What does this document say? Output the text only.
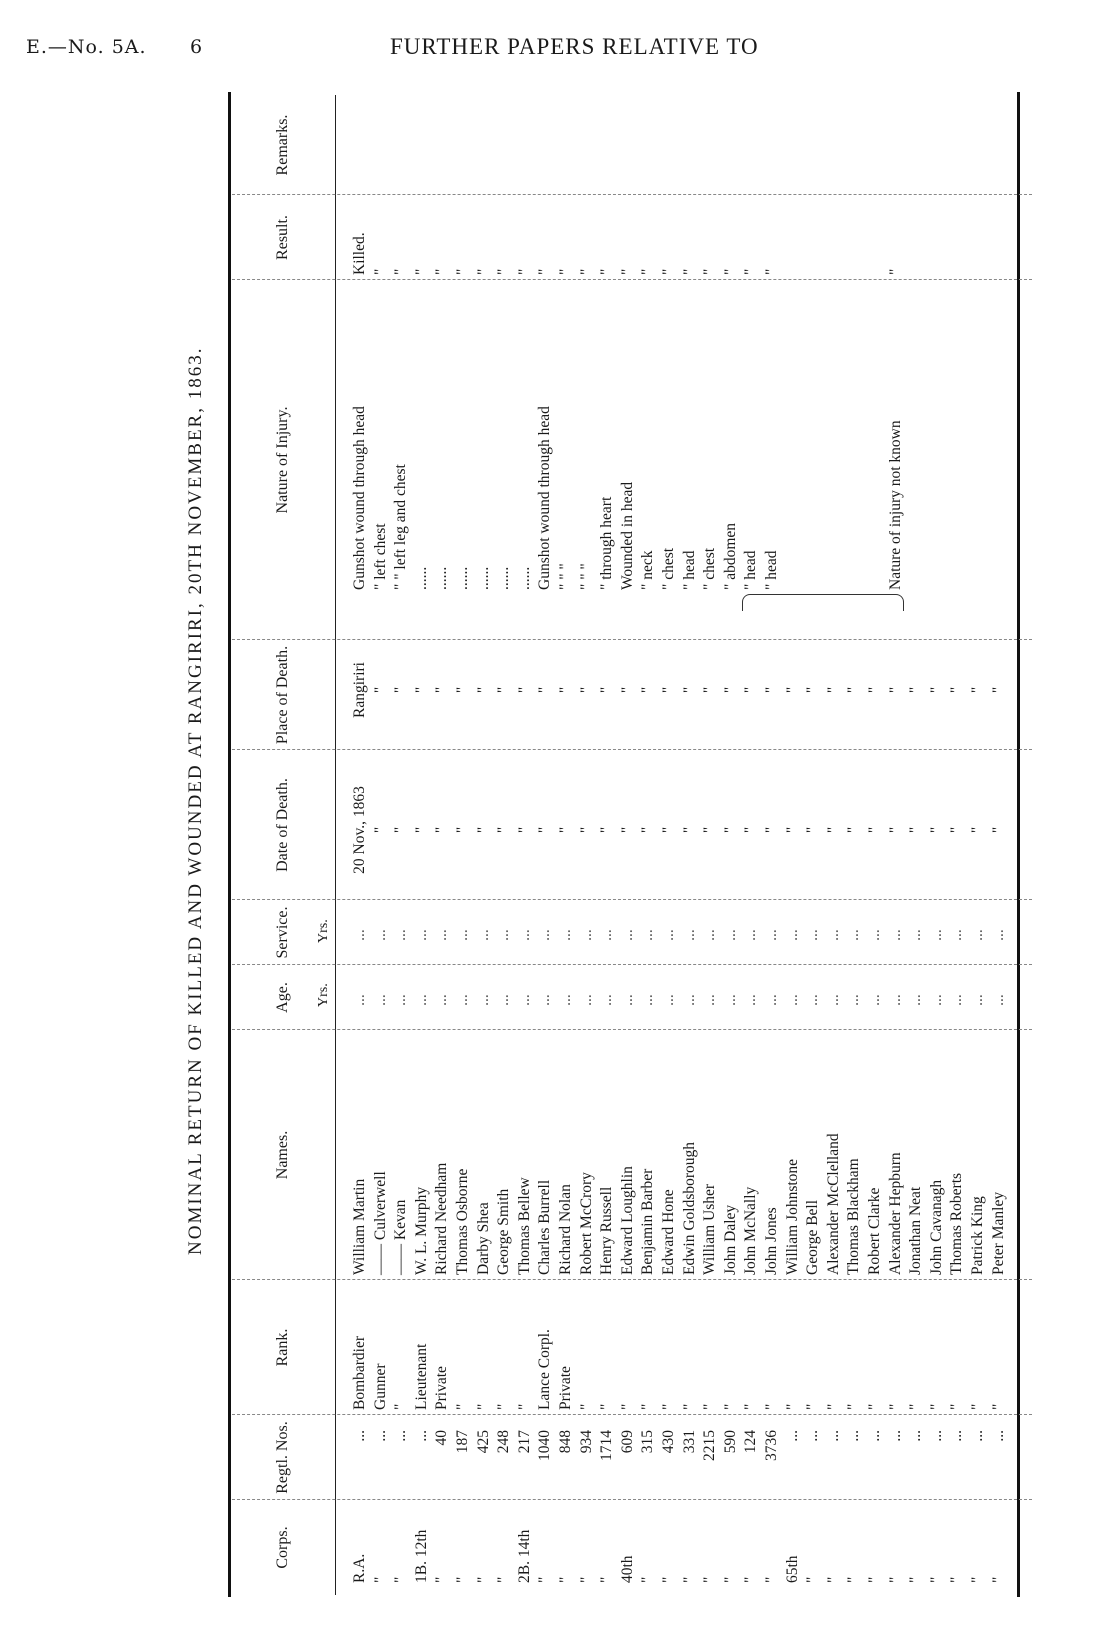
E.—No. 5A. 6	FURTHER PAPERS RELATIVE TO
NOMINAL RETURN OF KILLED AND WOUNDED AT RANGIRIRI, 20TH NOVEMBER, 1863.
Corps.
Regtl. Nos.
Rank.
Names.
Age.
Service.
Yrs.
Yrs.
Date of Death.
Place of Death.
Nature of Injury.
Result.
Remarks.
R.A.
...
Bombardier
William Martin
...
...
20 Nov., 1863
Rangiriri
Gunshot wound through head
Killed.
"
...
Gunner
—— Culverwell
...
...
"
"
" left chest
"
"
...
"
—— Kevan
...
...
"
"
" " left leg and chest
"
1B. 12th
...
Lieutenant
W. L. Murphy
...
...
"
"
......
"
"
40
Private
Richard Needham
...
...
"
"
......
"
"
187
"
Thomas Osborne
...
...
"
"
......
"
"
425
"
Darby Shea
...
...
"
"
......
"
"
248
"
George Smith
...
...
"
"
......
"
2B. 14th
217
"
Thomas Bellew
...
...
"
"
......
"
"
1040
Lance Corpl.
Charles Burrell
...
...
"
"
Gunshot wound through head
"
"
848
Private
Richard Nolan
...
...
"
"
" " "
"
"
934
"
Robert McCrory
...
...
"
"
" " "
"
"
1714
"
Henry Russell
...
...
"
"
" through heart
"
40th
609
"
Edward Loughlin
...
...
"
"
Wounded in head
"
"
315
"
Benjamin Barber
...
...
"
"
" neck
"
"
430
"
Edward Hone
...
...
"
"
" chest
"
"
331
"
Edwin Goldsborough
...
...
"
"
" head
"
"
2215
"
William Usher
...
...
"
"
" chest
"
"
590
"
John Daley
...
...
"
"
" abdomen
"
"
124
"
John McNally
...
...
"
"
" head
"
"
3736
"
John Jones
...
...
"
"
" head
"
65th
...
"
William Johnstone
...
...
"
"
"
...
"
George Bell
...
...
"
"
"
...
"
Alexander McClelland
...
...
"
"
"
...
"
Thomas Blackham
...
...
"
"
"
...
"
Robert Clarke
...
...
"
"
"
...
"
Alexander Hepburn
...
...
"
"
Nature of injury not known
"
"
...
"
Jonathan Neat
...
...
"
"
"
...
"
John Cavanagh
...
...
"
"
"
...
"
Thomas Roberts
...
...
"
"
"
...
"
Patrick King
...
...
"
"
"
...
"
Peter Manley
...
...
"
"
